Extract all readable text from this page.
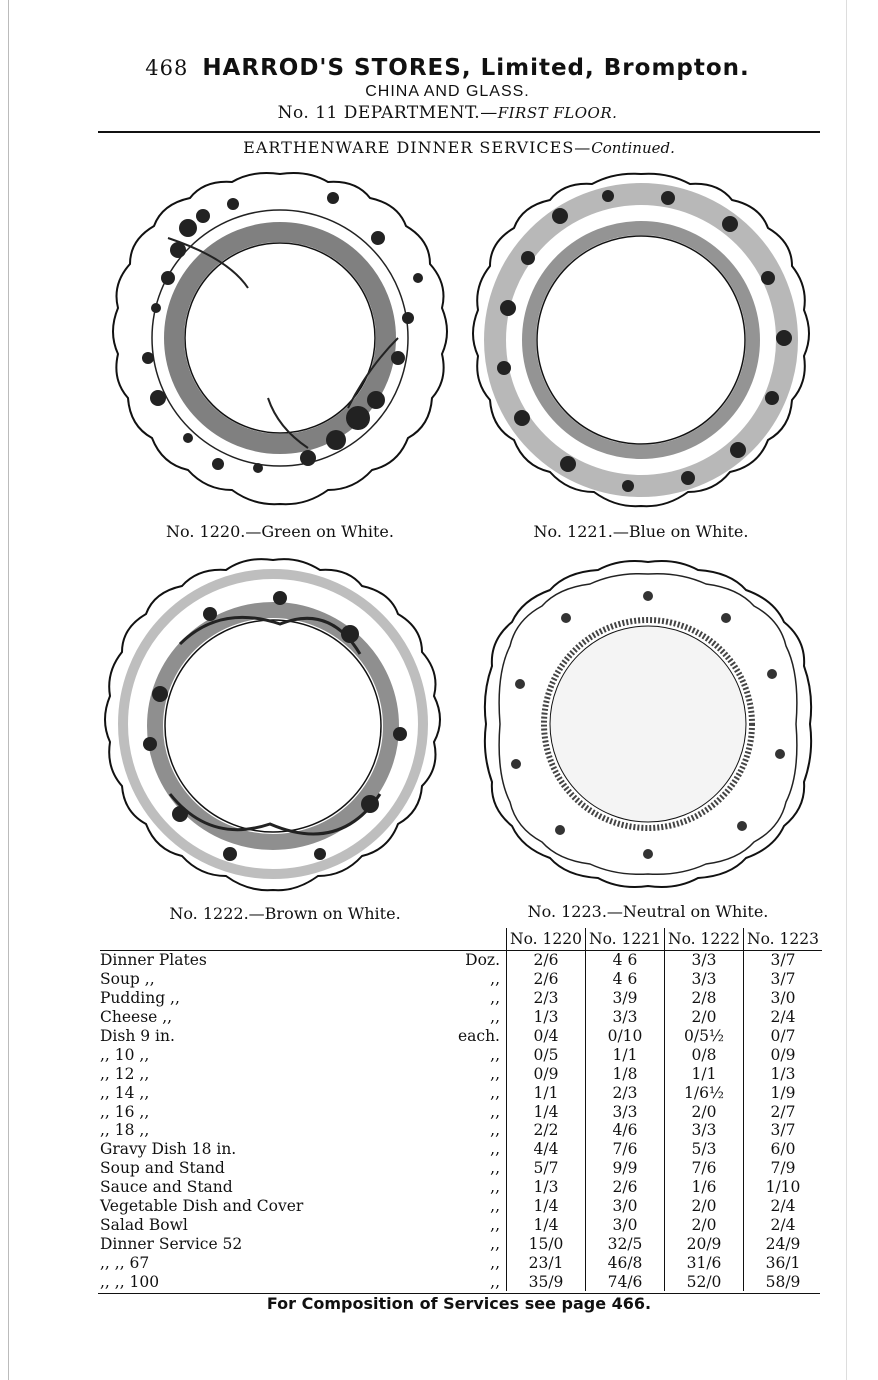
468 HARROD'S STORES, Limited, Brompton.
CHINA AND GLASS.
No. 11 DEPARTMENT.—FIRST FLOOR.
EARTHENWARE DINNER SERVICES—Continued.
No. 1220.—Green on White.	No. 1221.—Blue on White.
No. 1222.—Brown on White.	No. 1223.—Neutral on White.
		No. 1220	No. 1221	No. 1222	No. 1223
Dinner Plates	Doz.	2/6	4 6	3/3	3/7
Soup ,,	,,	2/6	4 6	3/3	3/7
Pudding ,,	,,	2/3	3/9	2/8	3/0
Cheese ,,	,,	1/3	3/3	2/0	2/4
Dish 9 in.	each.	0/4	0/10	0/5½	0/7
,, 10 ,,	,,	0/5	1/1	0/8	0/9
,, 12 ,,	,,	0/9	1/8	1/1	1/3
,, 14 ,,	,,	1/1	2/3	1/6½	1/9
,, 16 ,,	,,	1/4	3/3	2/0	2/7
,, 18 ,,	,,	2/2	4/6	3/3	3/7
Gravy Dish 18 in.	,,	4/4	7/6	5/3	6/0
Soup and Stand	,,	5/7	9/9	7/6	7/9
Sauce and Stand	,,	1/3	2/6	1/6	1/10
Vegetable Dish and Cover	,,	1/4	3/0	2/0	2/4
Salad Bowl	,,	1/4	3/0	2/0	2/4
Dinner Service 52	,,	15/0	32/5	20/9	24/9
,, ,, 67	,,	23/1	46/8	31/6	36/1
,, ,, 100	,,	35/9	74/6	52/0	58/9
For Composition of Services see page 466.
